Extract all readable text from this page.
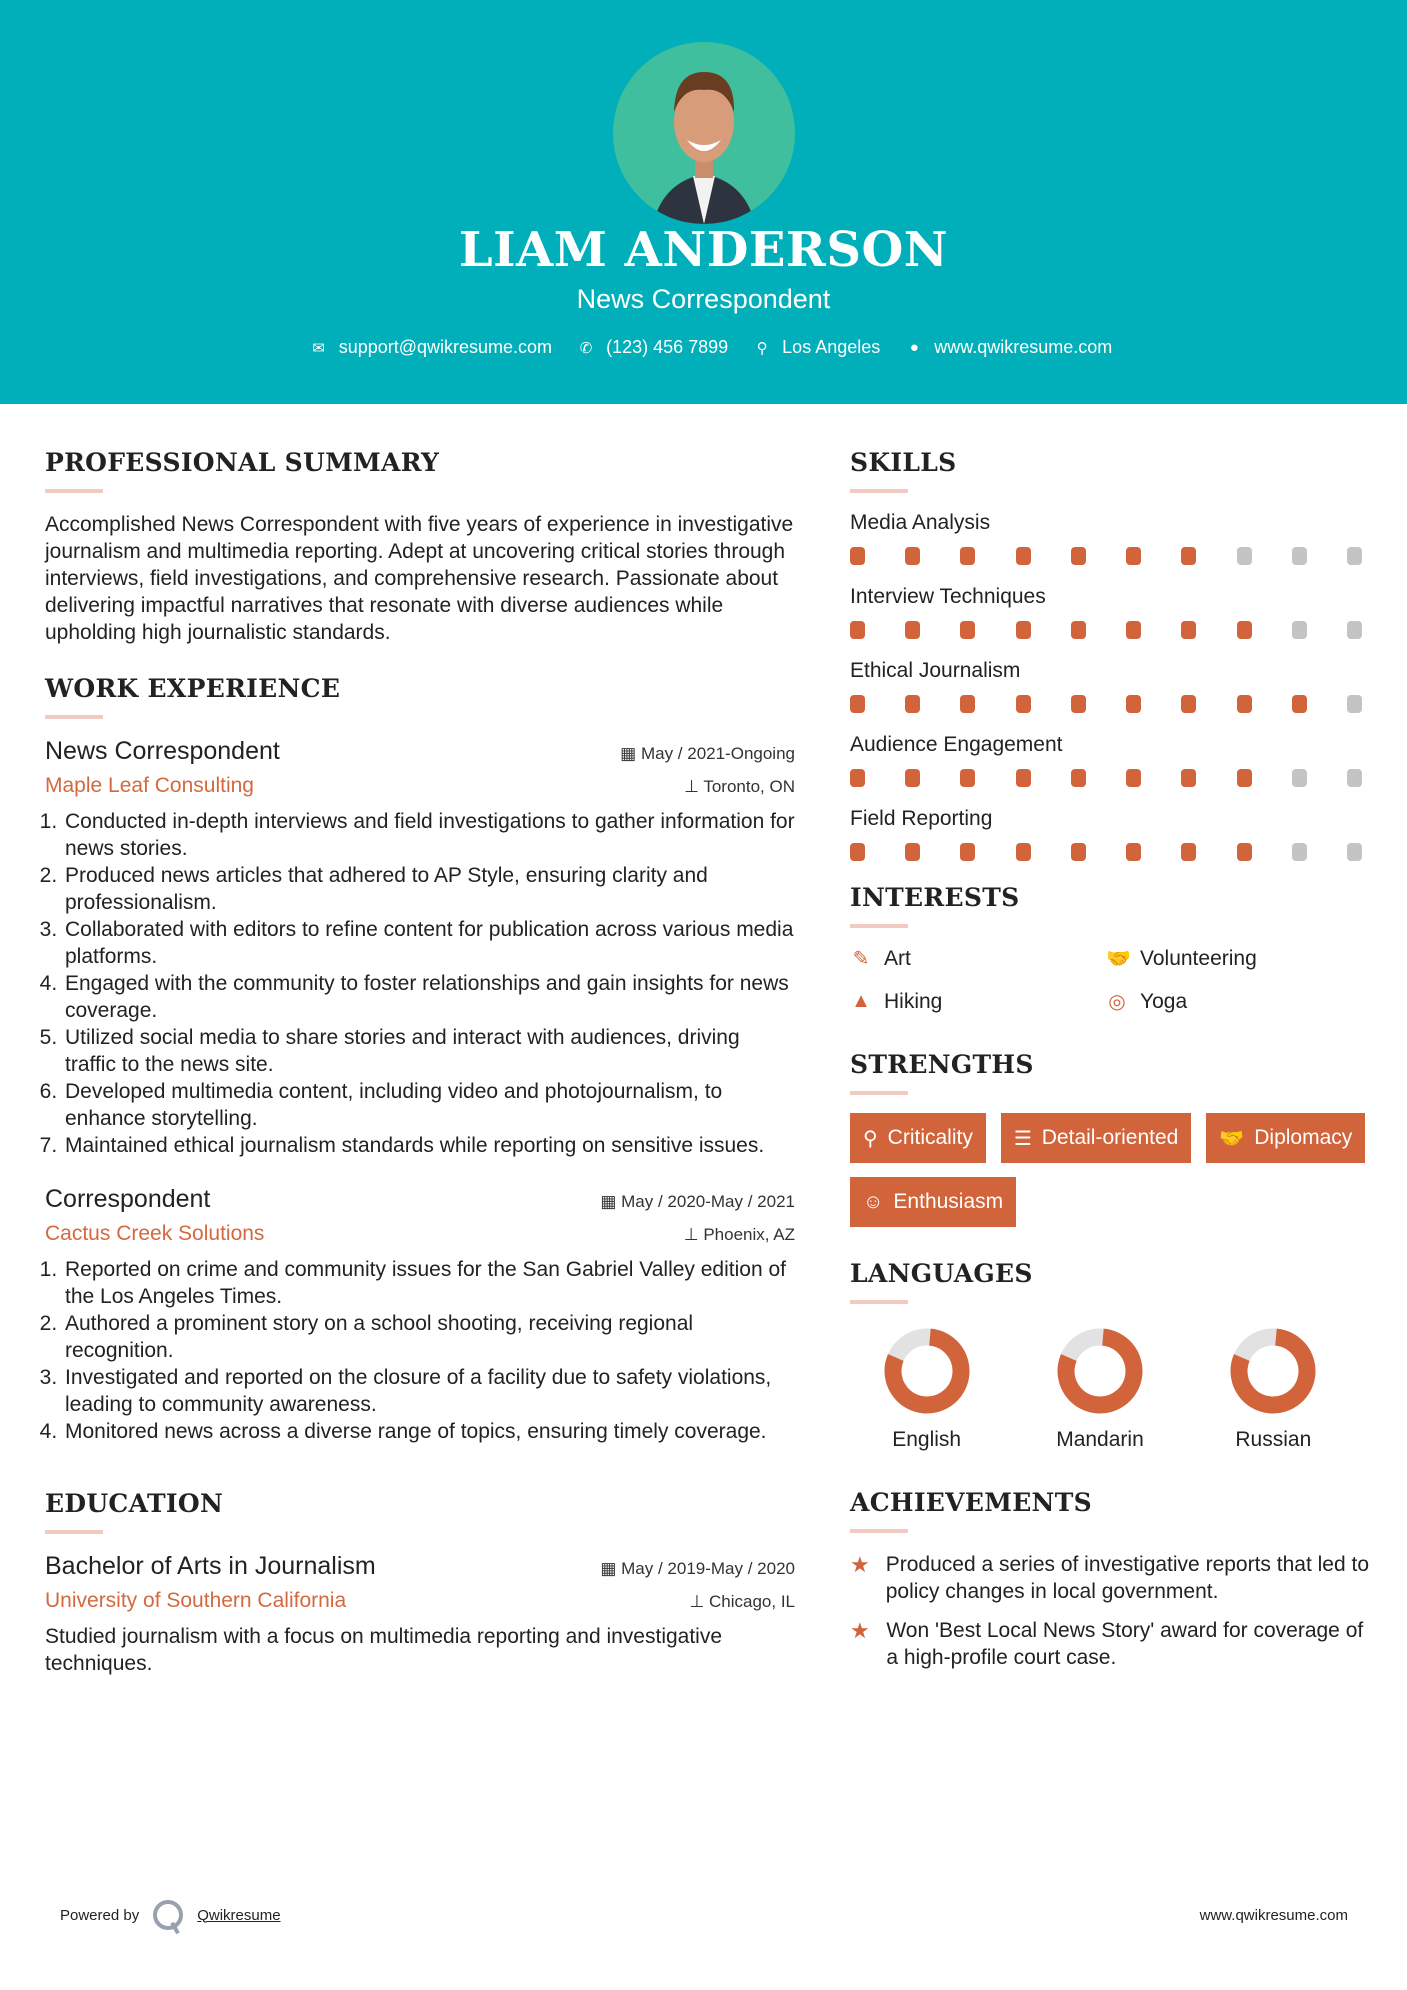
LIAM ANDERSON
News Correspondent
✉ support@qwikresume.com ✆ (123) 456 7899	⚲ Los Angeles	● www.qwikresume.com
PROFESSIONAL SUMMARY
Accomplished News Correspondent with five years of experience in investigative journalism and multimedia reporting. Adept at uncovering critical stories through interviews, field investigations, and comprehensive research. Passionate about delivering impactful narratives that resonate with diverse audiences while upholding high journalistic standards.
WORK EXPERIENCE
News Correspondent	▦ May / 2021-Ongoing
Maple Leaf Consulting	⊥ Toronto, ON
1. Conducted in-depth interviews and field investigations to gather information for news stories.
2. Produced news articles that adhered to AP Style, ensuring clarity and professionalism.
3. Collaborated with editors to refine content for publication across various media platforms.
4. Engaged with the community to foster relationships and gain insights for news coverage.
5. Utilized social media to share stories and interact with audiences, driving traffic to the news site.
6. Developed multimedia content, including video and photojournalism, to enhance storytelling.
7. Maintained ethical journalism standards while reporting on sensitive issues.
Correspondent	▦ May / 2020-May / 2021
Cactus Creek Solutions	⊥ Phoenix, AZ
1. Reported on crime and community issues for the San Gabriel Valley edition of the Los Angeles Times.
2. Authored a prominent story on a school shooting, receiving regional recognition.
3. Investigated and reported on the closure of a facility due to safety violations, leading to community awareness.
4. Monitored news across a diverse range of topics, ensuring timely coverage.
EDUCATION
Bachelor of Arts in Journalism	▦ May / 2019-May / 2020
University of Southern California	⊥ Chicago, IL
Studied journalism with a focus on multimedia reporting and investigative techniques.
SKILLS
Media Analysis
Interview Techniques
Ethical Journalism
Audience Engagement
Field Reporting
INTERESTS
✎ Art	🤝 Volunteering
▲ Hiking	◎ Yoga
STRENGTHS
⚲ Criticality ☰ Detail-oriented 🤝 Diplomacy
☺ Enthusiasm
LANGUAGES
English	Mandarin	Russian
ACHIEVEMENTS
★ Produced a series of investigative reports that led to policy changes in local government.
★ Won 'Best Local News Story' award for coverage of a high-profile court case.
Powered by	Qwikresume	www.qwikresume.com
